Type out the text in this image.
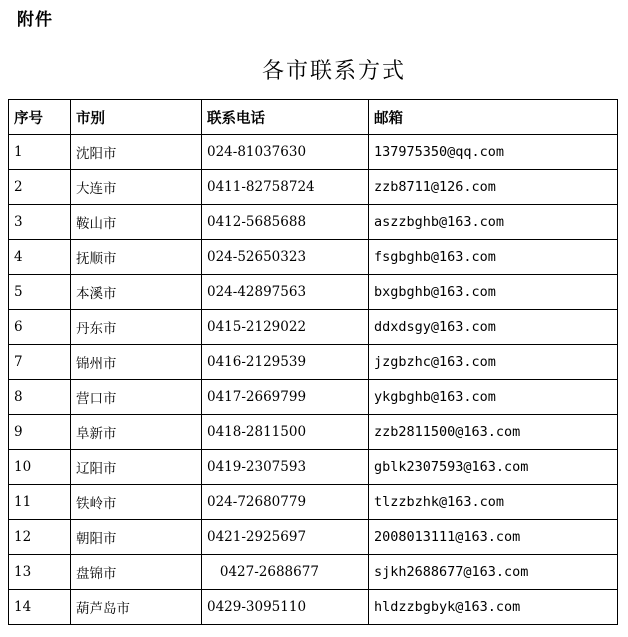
附件
各市联系方式
序号	市别	联系电话	邮箱
1	沈阳市	024-81037630	137975350@qq.com
2	大连市	0411-82758724	zzb8711@126.com
3	鞍山市	0412-5685688	aszzbghb@163.com
4	抚顺市	024-52650323	fsgbghb@163.com
5	本溪市	024-42897563	bxgbghb@163.com
6	丹东市	0415-2129022	ddxdsgy@163.com
7	锦州市	0416-2129539	jzgbzhc@163.com
8	营口市	0417-2669799	ykgbghb@163.com
9	阜新市	0418-2811500	zzb2811500@163.com
10	辽阳市	0419-2307593	gblk2307593@163.com
11	铁岭市	024-72680779	tlzzbzhk@163.com
12	朝阳市	0421-2925697	2008013111@163.com
13	盘锦市	0427-2688677	sjkh2688677@163.com
14	葫芦岛市	0429-3095110	hldzzbgbyk@163.com
